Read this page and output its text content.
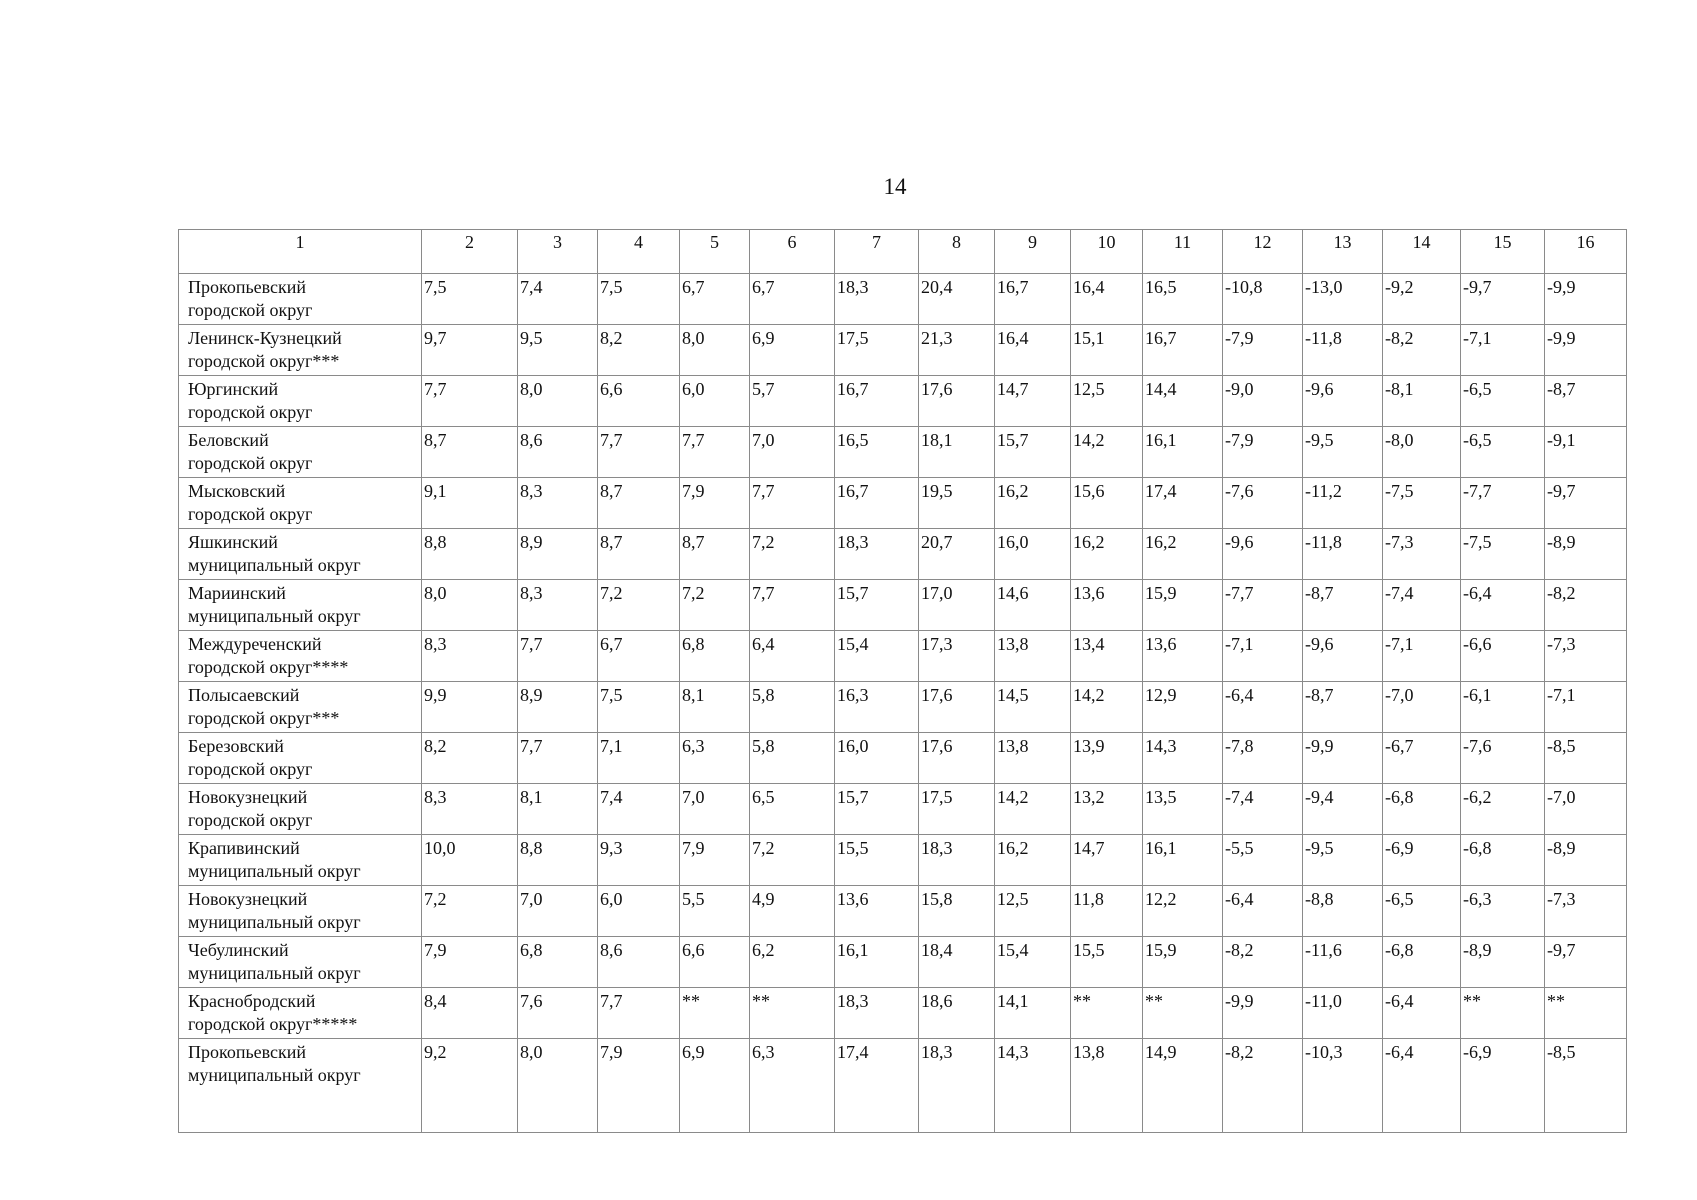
14
1	2	3	4	5	6	7	8	9	10	11	12	13	14	15	16

Прокопьевский
городской округ	7,5	7,4	7,5	6,7	6,7	18,3	20,4	16,7	16,4	16,5	-10,8	-13,0	-9,2	-9,7	-9,9

Ленинск-Кузнецкий
городской округ***	9,7	9,5	8,2	8,0	6,9	17,5	21,3	16,4	15,1	16,7	-7,9	-11,8	-8,2	-7,1	-9,9

Юргинский
городской округ	7,7	8,0	6,6	6,0	5,7	16,7	17,6	14,7	12,5	14,4	-9,0	-9,6	-8,1	-6,5	-8,7

Беловский
городской округ	8,7	8,6	7,7	7,7	7,0	16,5	18,1	15,7	14,2	16,1	-7,9	-9,5	-8,0	-6,5	-9,1

Мысковский
городской округ	9,1	8,3	8,7	7,9	7,7	16,7	19,5	16,2	15,6	17,4	-7,6	-11,2	-7,5	-7,7	-9,7

Яшкинский
муниципальный округ	8,8	8,9	8,7	8,7	7,2	18,3	20,7	16,0	16,2	16,2	-9,6	-11,8	-7,3	-7,5	-8,9

Мариинский
муниципальный округ	8,0	8,3	7,2	7,2	7,7	15,7	17,0	14,6	13,6	15,9	-7,7	-8,7	-7,4	-6,4	-8,2

Междуреченский
городской округ****	8,3	7,7	6,7	6,8	6,4	15,4	17,3	13,8	13,4	13,6	-7,1	-9,6	-7,1	-6,6	-7,3

Полысаевский
городской округ***	9,9	8,9	7,5	8,1	5,8	16,3	17,6	14,5	14,2	12,9	-6,4	-8,7	-7,0	-6,1	-7,1

Березовский
городской округ	8,2	7,7	7,1	6,3	5,8	16,0	17,6	13,8	13,9	14,3	-7,8	-9,9	-6,7	-7,6	-8,5

Новокузнецкий
городской округ	8,3	8,1	7,4	7,0	6,5	15,7	17,5	14,2	13,2	13,5	-7,4	-9,4	-6,8	-6,2	-7,0

Крапивинский
муниципальный округ	10,0	8,8	9,3	7,9	7,2	15,5	18,3	16,2	14,7	16,1	-5,5	-9,5	-6,9	-6,8	-8,9

Новокузнецкий
муниципальный округ	7,2	7,0	6,0	5,5	4,9	13,6	15,8	12,5	11,8	12,2	-6,4	-8,8	-6,5	-6,3	-7,3

Чебулинский
муниципальный округ	7,9	6,8	8,6	6,6	6,2	16,1	18,4	15,4	15,5	15,9	-8,2	-11,6	-6,8	-8,9	-9,7

Краснобродский
городской округ*****	8,4	7,6	7,7	**	**	18,3	18,6	14,1	**	**	-9,9	-11,0	-6,4	**	**

Прокопьевский
муниципальный округ	9,2	8,0	7,9	6,9	6,3	17,4	18,3	14,3	13,8	14,9	-8,2	-10,3	-6,4	-6,9	-8,5
